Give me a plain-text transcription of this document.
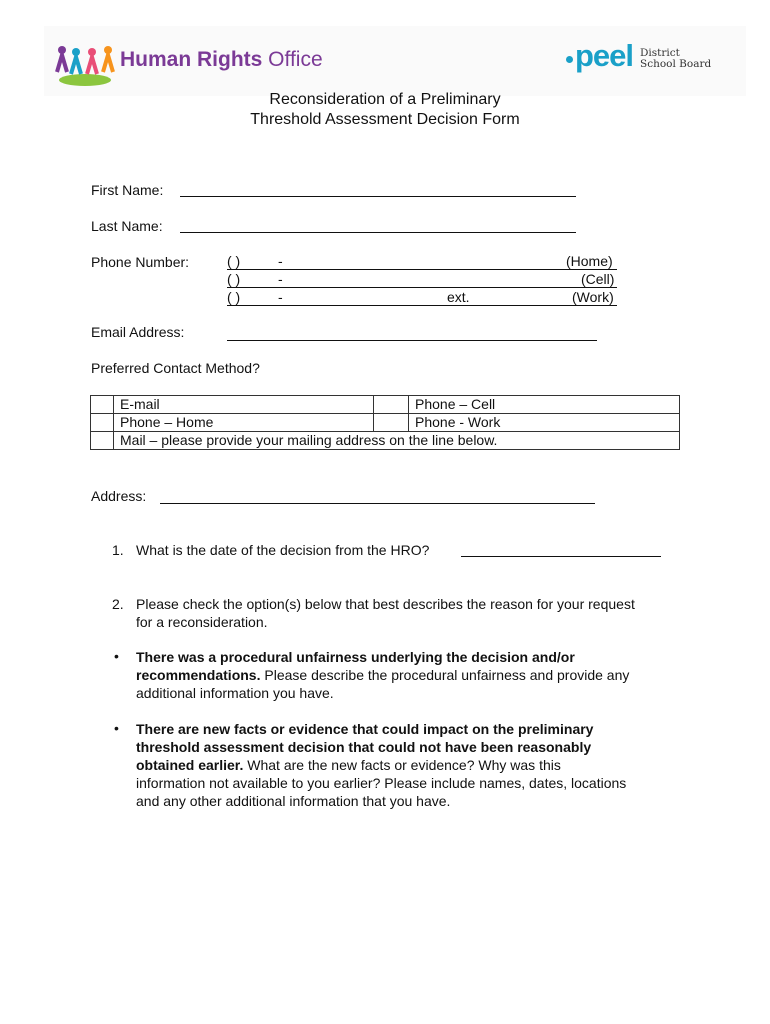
Human Rights Office	peel District
School Board
Reconsideration of a Preliminary
Threshold Assessment Decision Form
First Name:
Last Name:
Phone Number:	( )	-	(Home)
( )	-	(Cell)
( )	-	ext.	(Work)
Email Address:
Preferred Contact Method?
	E-mail		Phone – Cell
	Phone – Home		Phone - Work
	Mail – please provide your mailing address on the line below.		
Address:
1. What is the date of the decision from the HRO?
2. Please check the option(s) below that best describes the reason for your request
for a reconsideration.
• There was a procedural unfairness underlying the decision and/or
recommendations. Please describe the procedural unfairness and provide any
additional information you have.
• There are new facts or evidence that could impact on the preliminary
threshold assessment decision that could not have been reasonably
obtained earlier. What are the new facts or evidence? Why was this
information not available to you earlier? Please include names, dates, locations
and any other additional information that you have.
